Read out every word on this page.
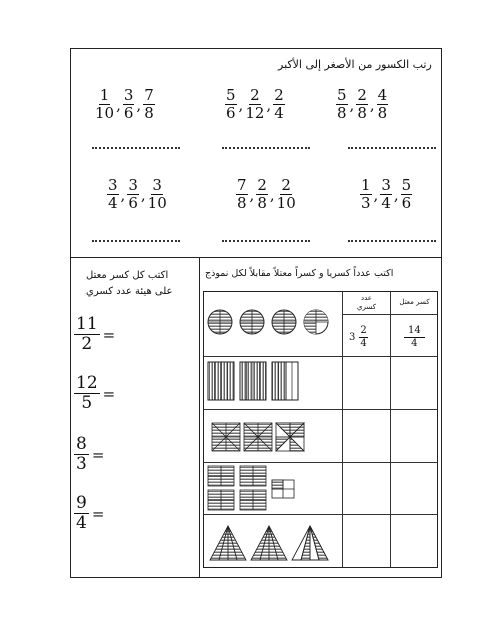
رتب الكسور من الأصغر إلى الأكبر
$\frac{1}{10}$ , $\frac{3}{6}$ , $\frac{7}{8}$	$\frac{5}{6}$ , $\frac{2}{12}$ , $\frac{2}{4}$	$\frac{5}{8}$ , $\frac{2}{8}$ , $\frac{4}{8}$
$\frac{3}{4}$ , $\frac{3}{6}$ , $\frac{3}{10}$	$\frac{7}{8}$ , $\frac{2}{8}$ , $\frac{2}{10}$	$\frac{1}{3}$ , $\frac{3}{4}$ , $\frac{5}{6}$
اكتب كل كسر معتل
على هيئة عدد كسري
$\frac{11}{2}$ =
$\frac{12}{5}$ =
$\frac{8}{3}$ =
$\frac{9}{4}$ =
اكتب عدداً كسريا و كسراً معتلاً مقابلاً لكل نموذج
كسر معتل
عدد
كسري
$3 \frac{2}{4}$	$\frac{14}{4}$
